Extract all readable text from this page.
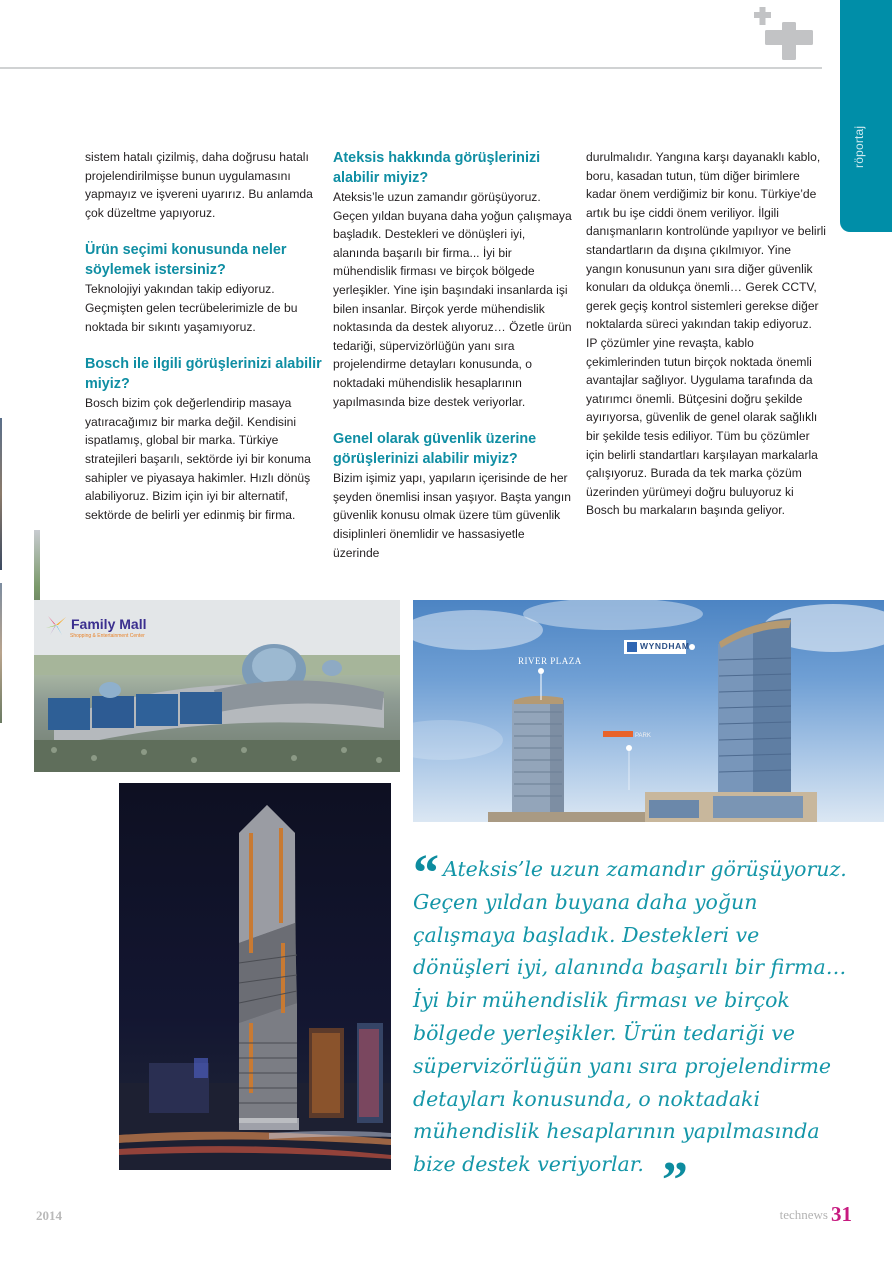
röportaj

sistem hatalı çizilmiş, daha doğrusu hatalı projelendirilmişse bunun uygulamasını yapmayız ve işvereni uyarırız. Bu anlamda çok düzeltme yapıyoruz.

Ürün seçimi konusunda neler söylemek istersiniz?

Teknolojiyi yakından takip ediyoruz. Geçmişten gelen tecrübelerimizle de bu noktada bir sıkıntı yaşamıyoruz.

Bosch ile ilgili görüşlerinizi alabilir miyiz?

Bosch bizim çok değerlendirip masaya yatıracağımız bir marka değil. Kendisini ispatlamış, global bir marka. Türkiye stratejileri başarılı, sektörde iyi bir konuma sahipler ve piyasaya hakimler. Hızlı dönüş alabiliyoruz. Bizim için iyi bir alternatif, sektörde de belirli yer edinmiş bir firma.

Ateksis hakkında görüşlerinizi alabilir miyiz?

Ateksis’le uzun zamandır görüşüyoruz. Geçen yıldan buyana daha yoğun çalışmaya başladık. Destekleri ve dönüşleri iyi, alanında başarılı bir firma... İyi bir mühendislik firması ve birçok bölgede yerleşikler. Yine işin başındaki insanlarda işi bilen insanlar. Birçok yerde mühendislik noktasında da destek alıyoruz… Özetle ürün tedariği, süpervizörlüğün yanı sıra projelendirme detayları konusunda, o noktadaki mühendislik hesaplarının yapılmasında bize destek veriyorlar.

Genel olarak güvenlik üzerine görüşlerinizi alabilir miyiz?

Bizim işimiz yapı, yapıların içerisinde de her şeyden önemlisi insan yaşıyor. Başta yangın güvenlik konusu olmak üzere tüm güvenlik disiplinleri önemlidir ve hassasiyetle üzerinde

durulmalıdır. Yangına karşı dayanaklı kablo, boru, kasadan tutun, tüm diğer birimlere kadar önem verdiğimiz bir konu. Türkiye’de artık bu işe ciddi önem veriliyor. İlgili danışmanların kontrolünde yapılıyor ve belirli standartların da dışına çıkılmıyor. Yine yangın konusunun yanı sıra diğer güvenlik konuları da oldukça önemli… Gerek CCTV, gerek geçiş kontrol sistemleri gerekse diğer noktalarda süreci yakından takip ediyoruz. IP çözümler yine revaşta, kablo çekimlerinden tutun birçok noktada önemli avantajlar sağlıyor. Uygulama tarafında da yatırımcı önemli. Bütçesini doğru şekilde ayırıyorsa, güvenlik de genel olarak sağlıklı bir şekilde tesis ediliyor. Tüm bu çözümler için belirli standartları karşılayan markalarla çalışıyoruz. Burada da tek marka çözüm üzerinden yürümeyi doğru buluyoruz ki Bosch bu markaların başında geliyor.

Family Mall
Shopping & Entertainment Center
RIVER PLAZA
WYNDHAM
PARK
“ Ateksis’le uzun zamandır görüşüyoruz. Geçen yıldan buyana daha yoğun çalışmaya başladık. Destekleri ve dönüşleri iyi, alanında başarılı bir firma… İyi bir mühendislik firması ve birçok bölgede yerleşikler. Ürün tedariği ve süpervizörlüğün yanı sıra projelendirme detayları konusunda, o noktadaki mühendislik hesaplarının yapılmasında bize destek veriyorlar. ”
2014	technews 31
